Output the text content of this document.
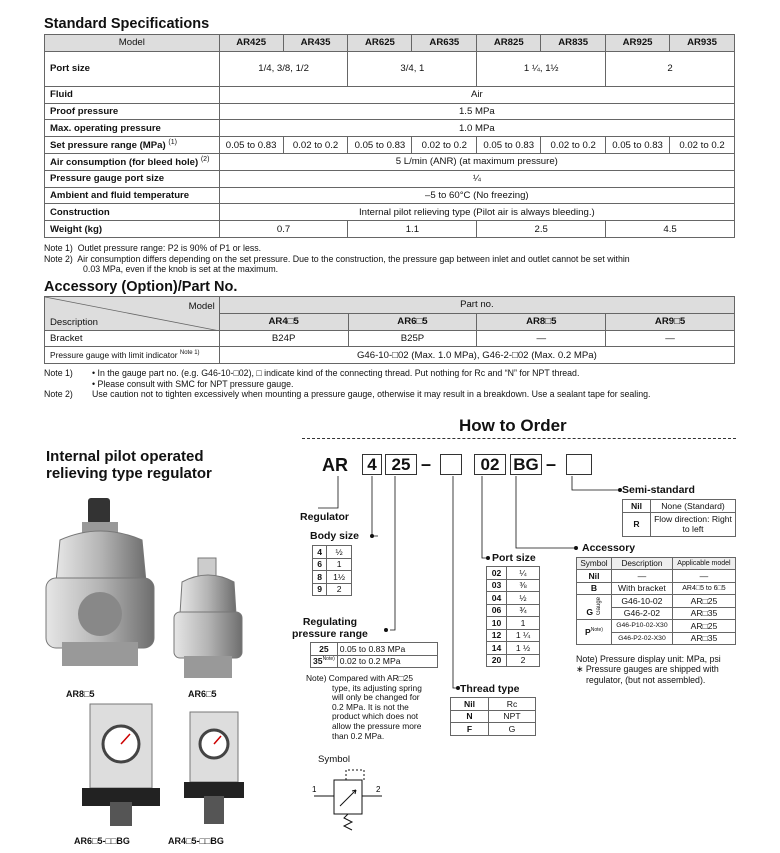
Standard Specifications
Model	AR425	AR435	AR625	AR635	AR825	AR835	AR925	AR935
Port size	1/4, 3/8, 1/2		3/4, 1		1 ¼, 1½		2	
Fluid	Air							
Proof pressure	1.5 MPa							
Max. operating pressure	1.0 MPa							
Set pressure range (MPa) $^{(1)}$	0.05 to 0.83	0.02 to 0.2	0.05 to 0.83	0.02 to 0.2	0.05 to 0.83	0.02 to 0.2	0.05 to 0.83	0.02 to 0.2
Air consumption (for bleed hole) $^{(2)}$	5 L/min (ANR) (at maximum pressure)							
Pressure gauge port size	¼							
Ambient and fluid temperature	–5 to 60°C (No freezing)							
Construction	Internal pilot relieving type (Pilot air is always bleeding.)							
Weight (kg)	0.7		1.1		2.5		4.5	
Note 1) Outlet pressure range: P2 is 90% of P1 or less.
Note 2) Air consumption differs depending on the set pressure. Due to the construction, the pressure gap between inlet and outlet cannot be set within
0.03 MPa, even if the knob is set at the maximum.
Accessory (Option)/Part No.
Description
Model	Part no.			
	AR4□5	AR6□5	AR8□5	AR9□5
Bracket	B24P	B25P	—	—
Pressure gauge with limit indicator $^{Note 1)}$	G46-10-□02 (Max. 1.0 MPa), G46-2-□02 (Max. 0.2 MPa)			
Note 1) • In the gauge part no. (e.g. G46-10-□02), □ indicate kind of the connecting thread. Put nothing for Rc and “N” for NPT thread.
• Please consult with SMC for NPT pressure gauge.
Note 2) Use caution not to tighten excessively when mounting a pressure gauge, otherwise it may result in a breakdown. Use a sealant tape for sealing.
Internal pilot operated
relieving type regulator
AR8□5	AR6□5
AR6□5-□□BG	AR4□5-□□BG
How to Order
AR	4 25 –	02 BG –
Regulator
Body size
4	½
6	1
8	1½
9	2
Regulating
pressure range
25	0.05 to 0.83 MPa
$35^{Note)}$	0.02 to 0.2 MPa
Note) Compared with AR□25
type, its adjusting spring
will only be changed for
0.2 MPa. It is not the
product which does not
allow the pressure more
than 0.2 MPa.
Symbol
1	2
Port size
02	¼
03	⅜
04	½
06	¾
10	1
12	1 ¼
14	1 ½
20	2
Thread type
Nil	Rc
N	NPT
F	G
Semi-standard
Nil	None (Standard)
R	Flow direction: Right to left
Accessory
Symbol	Description	Applicable model
Nil	—	—
B	With bracket	AR4□5 to 6□5
G Gauge	G46-10-02	AR□25
	G46-2-02	AR□35
$P^{Note)}$	G46-P10-02-X30	AR□25
	G46-P2-02-X30	AR□35
Note) Pressure display unit: MPa, psi
∗ Pressure gauges are shipped with
regulator, (but not assembled).
